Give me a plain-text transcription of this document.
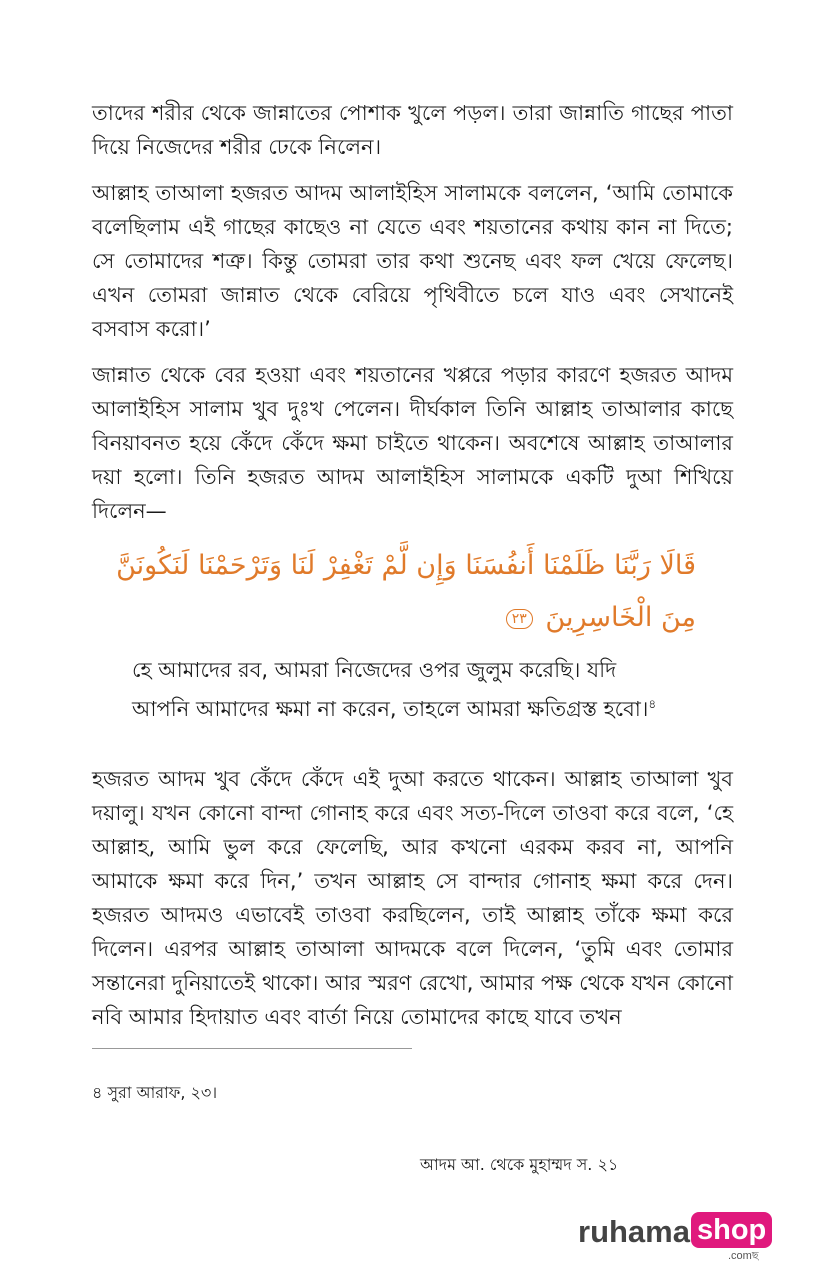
তাদের শরীর থেকে জান্নাতের পোশাক খুলে পড়ল। তারা জান্নাতি গাছের পাতা দিয়ে নিজেদের শরীর ঢেকে নিলেন।

আল্লাহ তাআলা হজরত আদম আলাইহিস সালামকে বললেন, ‘আমি তোমাকে বলেছিলাম এই গাছের কাছেও না যেতে এবং শয়তানের কথায় কান না দিতে; সে তোমাদের শত্রু। কিন্তু তোমরা তার কথা শুনেছ এবং ফল খেয়ে ফেলেছ। এখন তোমরা জান্নাত থেকে বেরিয়ে পৃথিবীতে চলে যাও এবং সেখানেই বসবাস করো।’

জান্নাত থেকে বের হওয়া এবং শয়তানের খপ্পরে পড়ার কারণে হজরত আদম আলাইহিস সালাম খুব দুঃখ পেলেন। দীর্ঘকাল তিনি আল্লাহ তাআলার কাছে বিনয়াবনত হয়ে কেঁদে কেঁদে ক্ষমা চাইতে থাকেন। অবশেষে আল্লাহ তাআলার দয়া হলো। তিনি হজরত আদম আলাইহিস সালামকে একটি দুআ শিখিয়ে দিলেন—

قَالَا رَبَّنَا ظَلَمْنَا أَنفُسَنَا وَإِن لَّمْ تَغْفِرْ لَنَا وَتَرْحَمْنَا لَنَكُونَنَّ مِنَ الْخَاسِرِينَ ٢٣

হে আমাদের রব, আমরা নিজেদের ওপর জুলুম করেছি। যদি আপনি আমাদের ক্ষমা না করেন, তাহলে আমরা ক্ষতিগ্রস্ত হবো।$^৪$

হজরত আদম খুব কেঁদে কেঁদে এই দুআ করতে থাকেন। আল্লাহ তাআলা খুব দয়ালু। যখন কোনো বান্দা গোনাহ করে এবং সত্য-দিলে তাওবা করে বলে, ‘হে আল্লাহ, আমি ভুল করে ফেলেছি, আর কখনো এরকম করব না, আপনি আমাকে ক্ষমা করে দিন,’ তখন আল্লাহ সে বান্দার গোনাহ ক্ষমা করে দেন। হজরত আদমও এভাবেই তাওবা করছিলেন, তাই আল্লাহ তাঁকে ক্ষমা করে দিলেন। এরপর আল্লাহ তাআলা আদমকে বলে দিলেন, ‘তুমি এবং তোমার সন্তানেরা দুনিয়াতেই থাকো। আর স্মরণ রেখো, আমার পক্ষ থেকে যখন কোনো নবি আমার হিদায়াত এবং বার্তা নিয়ে তোমাদের কাছে যাবে তখন

৪ সুরা আরাফ, ২৩।

আদম আ. থেকে মুহাম্মদ স. ২১

ruhama shop
.comছ
